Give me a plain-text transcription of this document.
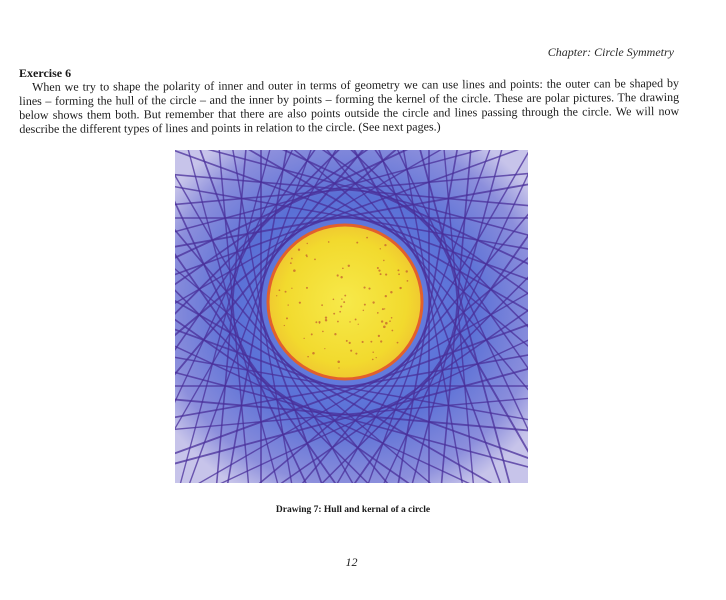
Chapter: Circle Symmetry
Exercise 6
When we try to shape the polarity of inner and outer in terms of geometry we can use lines and points: the outer can be shaped by lines – forming the hull of the circle – and the inner by points – forming the kernel of the circle. These are polar pictures. The drawing below shows them both. But remember that there are also points outside the circle and lines passing through the circle. We will now describe the different types of lines and points in relation to the circle. (See next pages.)
Drawing 7: Hull and kernal of a circle
12
